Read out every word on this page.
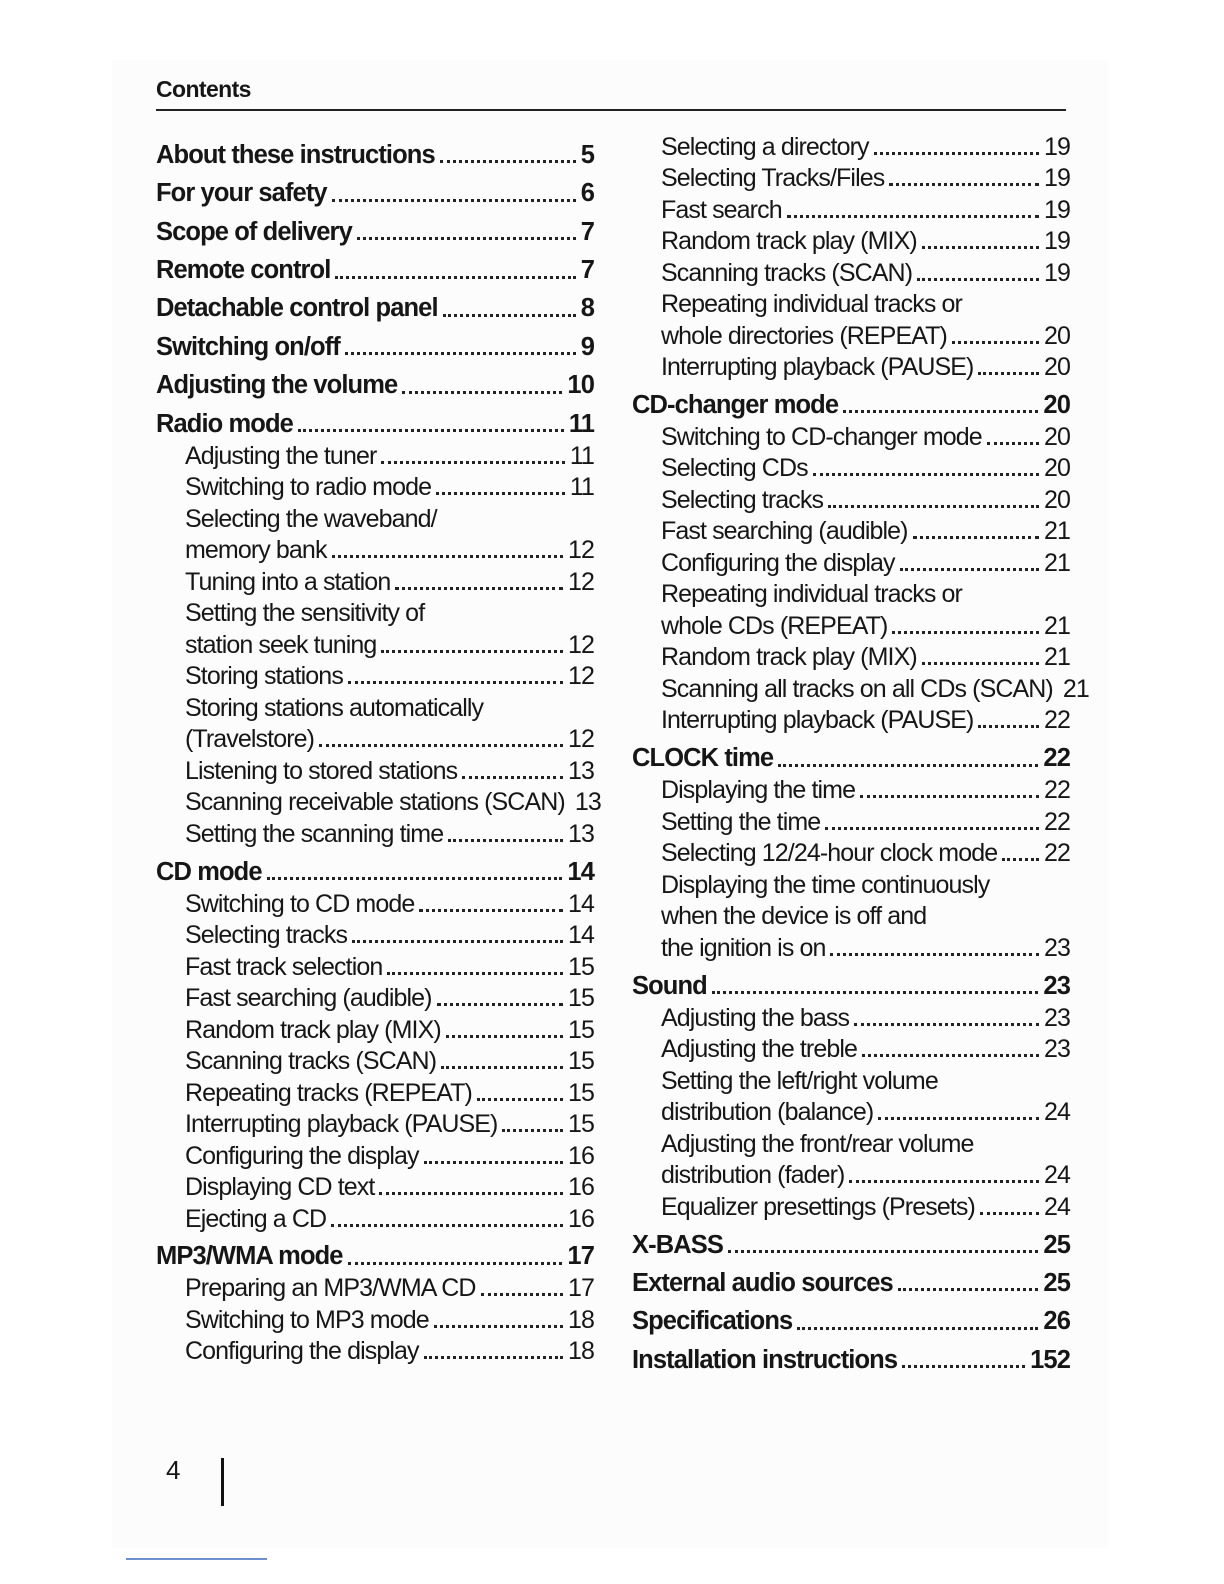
Contents
About these instructions	5
For your safety	6
Scope of delivery	7
Remote control	7
Detachable control panel	8
Switching on/off	9
Adjusting the volume	10
Radio mode	11
Adjusting the tuner	11
Switching to radio mode	11
Selecting the waveband/
memory bank	12
Tuning into a station	12
Setting the sensitivity of
station seek tuning	12
Storing stations	12
Storing stations automatically
(Travelstore)	12
Listening to stored stations	13
Scanning receivable stations (SCAN) 13
Setting the scanning time	13
CD mode	14
Switching to CD mode	14
Selecting tracks	14
Fast track selection	15
Fast searching (audible)	15
Random track play (MIX)	15
Scanning tracks (SCAN)	15
Repeating tracks (REPEAT)	15
Interrupting playback (PAUSE)	15
Configuring the display	16
Displaying CD text	16
Ejecting a CD	16
MP3/WMA mode	17
Preparing an MP3/WMA CD	17
Switching to MP3 mode	18
Configuring the display	18
Selecting a directory	19
Selecting Tracks/Files	19
Fast search	19
Random track play (MIX)	19
Scanning tracks (SCAN)	19
Repeating individual tracks or
whole directories (REPEAT)	20
Interrupting playback (PAUSE)	20
CD-changer mode	20
Switching to CD-changer mode 20
Selecting CDs	20
Selecting tracks	20
Fast searching (audible)	21
Configuring the display	21
Repeating individual tracks or
whole CDs (REPEAT)	21
Random track play (MIX)	21
Scanning all tracks on all CDs (SCAN) 21
Interrupting playback (PAUSE)	22
CLOCK time	22
Displaying the time	22
Setting the time	22
Selecting 12/24-hour clock mode 22
Displaying the time continuously
when the device is off and
the ignition is on	23
Sound	23
Adjusting the bass	23
Adjusting the treble	23
Setting the left/right volume
distribution (balance)	24
Adjusting the front/rear volume
distribution (fader)	24
Equalizer presettings (Presets)	24
X-BASS	25
External audio sources	25
Specifications	26
Installation instructions	152
4
